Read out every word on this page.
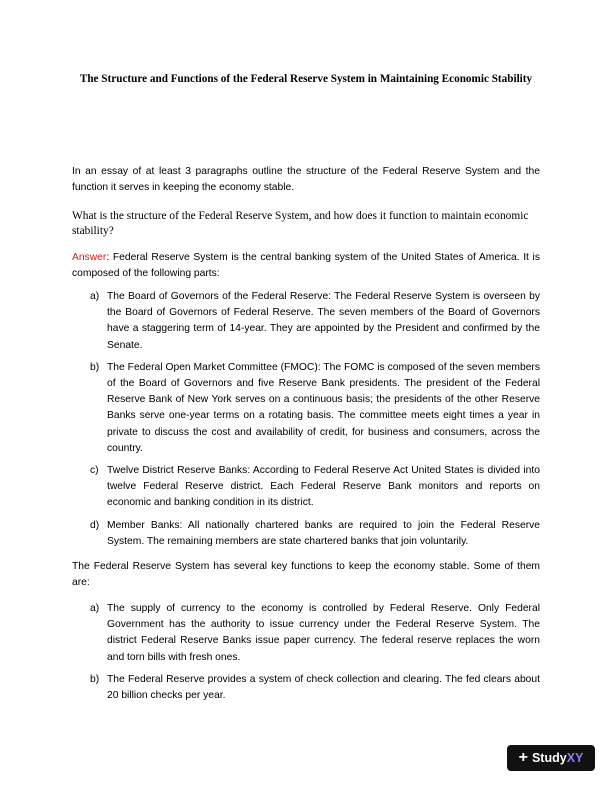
The Structure and Functions of the Federal Reserve System in Maintaining Economic Stability

In an essay of at least 3 paragraphs outline the structure of the Federal Reserve System and the function it serves in keeping the economy stable.

What is the structure of the Federal Reserve System, and how does it function to maintain economic stability?

Answer: Federal Reserve System is the central banking system of the United States of America. It is composed of the following parts:

a) The Board of Governors of the Federal Reserve: The Federal Reserve System is overseen by the Board of Governors of Federal Reserve. The seven members of the Board of Governors have a staggering term of 14-year. They are appointed by the President and confirmed by the Senate.
b) The Federal Open Market Committee (FMOC): The FOMC is composed of the seven members of the Board of Governors and five Reserve Bank presidents. The president of the Federal Reserve Bank of New York serves on a continuous basis; the presidents of the other Reserve Banks serve one-year terms on a rotating basis. The committee meets eight times a year in private to discuss the cost and availability of credit, for business and consumers, across the country.
c) Twelve District Reserve Banks: According to Federal Reserve Act United States is divided into twelve Federal Reserve district. Each Federal Reserve Bank monitors and reports on economic and banking condition in its district.
d) Member Banks: All nationally chartered banks are required to join the Federal Reserve System. The remaining members are state chartered banks that join voluntarily.

The Federal Reserve System has several key functions to keep the economy stable. Some of them are:

a) The supply of currency to the economy is controlled by Federal Reserve. Only Federal Government has the authority to issue currency under the Federal Reserve System. The district Federal Reserve Banks issue paper currency. The federal reserve replaces the worn and torn bills with fresh ones.
b) The Federal Reserve provides a system of check collection and clearing. The fed clears about 20 billion checks per year.
+ Study XY
